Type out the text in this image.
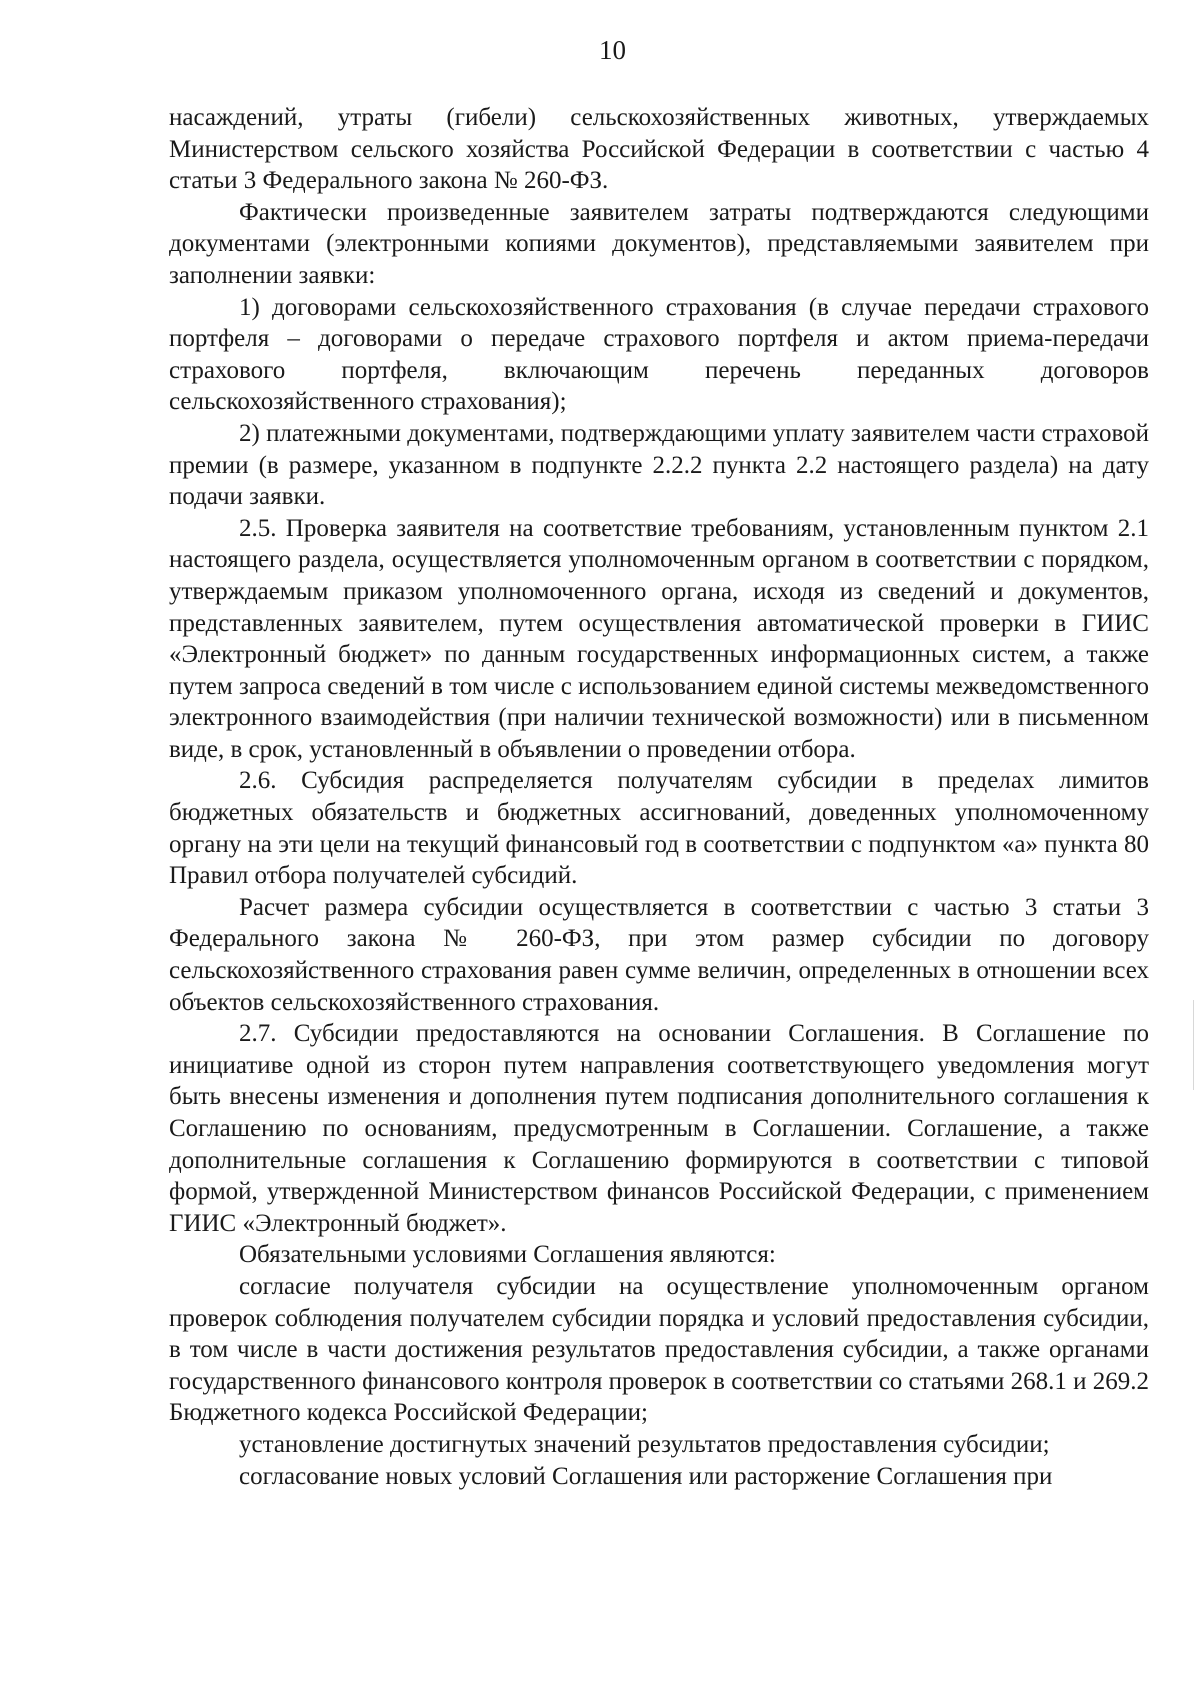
10

насаждений, утраты (гибели) сельскохозяйственных животных, утверждаемых Министерством сельского хозяйства Российской Федерации в соответствии с частью 4 статьи 3 Федерального закона № 260-ФЗ.

Фактически произведенные заявителем затраты подтверждаются следующими документами (электронными копиями документов), представляемыми заявителем при заполнении заявки:

1) договорами сельскохозяйственного страхования (в случае передачи страхового портфеля – договорами о передаче страхового портфеля и актом приема-передачи страхового портфеля, включающим перечень переданных договоров сельскохозяйственного страхования);

2) платежными документами, подтверждающими уплату заявителем части страховой премии (в размере, указанном в подпункте 2.2.2 пункта 2.2 настоящего раздела) на дату подачи заявки.

2.5. Проверка заявителя на соответствие требованиям, установленным пунктом 2.1 настоящего раздела, осуществляется уполномоченным органом в соответствии с порядком, утверждаемым приказом уполномоченного органа, исходя из сведений и документов, представленных заявителем, путем осуществления автоматической проверки в ГИИС «Электронный бюджет» по данным государственных информационных систем, а также путем запроса сведений в том числе с использованием единой системы межведомственного электронного взаимодействия (при наличии технической возможности) или в письменном виде, в срок, установленный в объявлении о проведении отбора.

2.6. Субсидия распределяется получателям субсидии в пределах лимитов бюджетных обязательств и бюджетных ассигнований, доведенных уполномоченному органу на эти цели на текущий финансовый год в соответствии с подпунктом «а» пункта 80 Правил отбора получателей субсидий.

Расчет размера субсидии осуществляется в соответствии с частью 3 статьи 3 Федерального закона № 260-ФЗ, при этом размер субсидии по договору сельскохозяйственного страхования равен сумме величин, определенных в отношении всех объектов сельскохозяйственного страхования.

2.7. Субсидии предоставляются на основании Соглашения. В Соглашение по инициативе одной из сторон путем направления соответствующего уведомления могут быть внесены изменения и дополнения путем подписания дополнительного соглашения к Соглашению по основаниям, предусмотренным в Соглашении. Соглашение, а также дополнительные соглашения к Соглашению формируются в соответствии с типовой формой, утвержденной Министерством финансов Российской Федерации, с применением ГИИС «Электронный бюджет».

Обязательными условиями Соглашения являются:

согласие получателя субсидии на осуществление уполномоченным органом проверок соблюдения получателем субсидии порядка и условий предоставления субсидии, в том числе в части достижения результатов предоставления субсидии, а также органами государственного финансового контроля проверок в соответствии со статьями 268.1 и 269.2 Бюджетного кодекса Российской Федерации;

установление достигнутых значений результатов предоставления субсидии;

согласование новых условий Соглашения или расторжение Соглашения при
